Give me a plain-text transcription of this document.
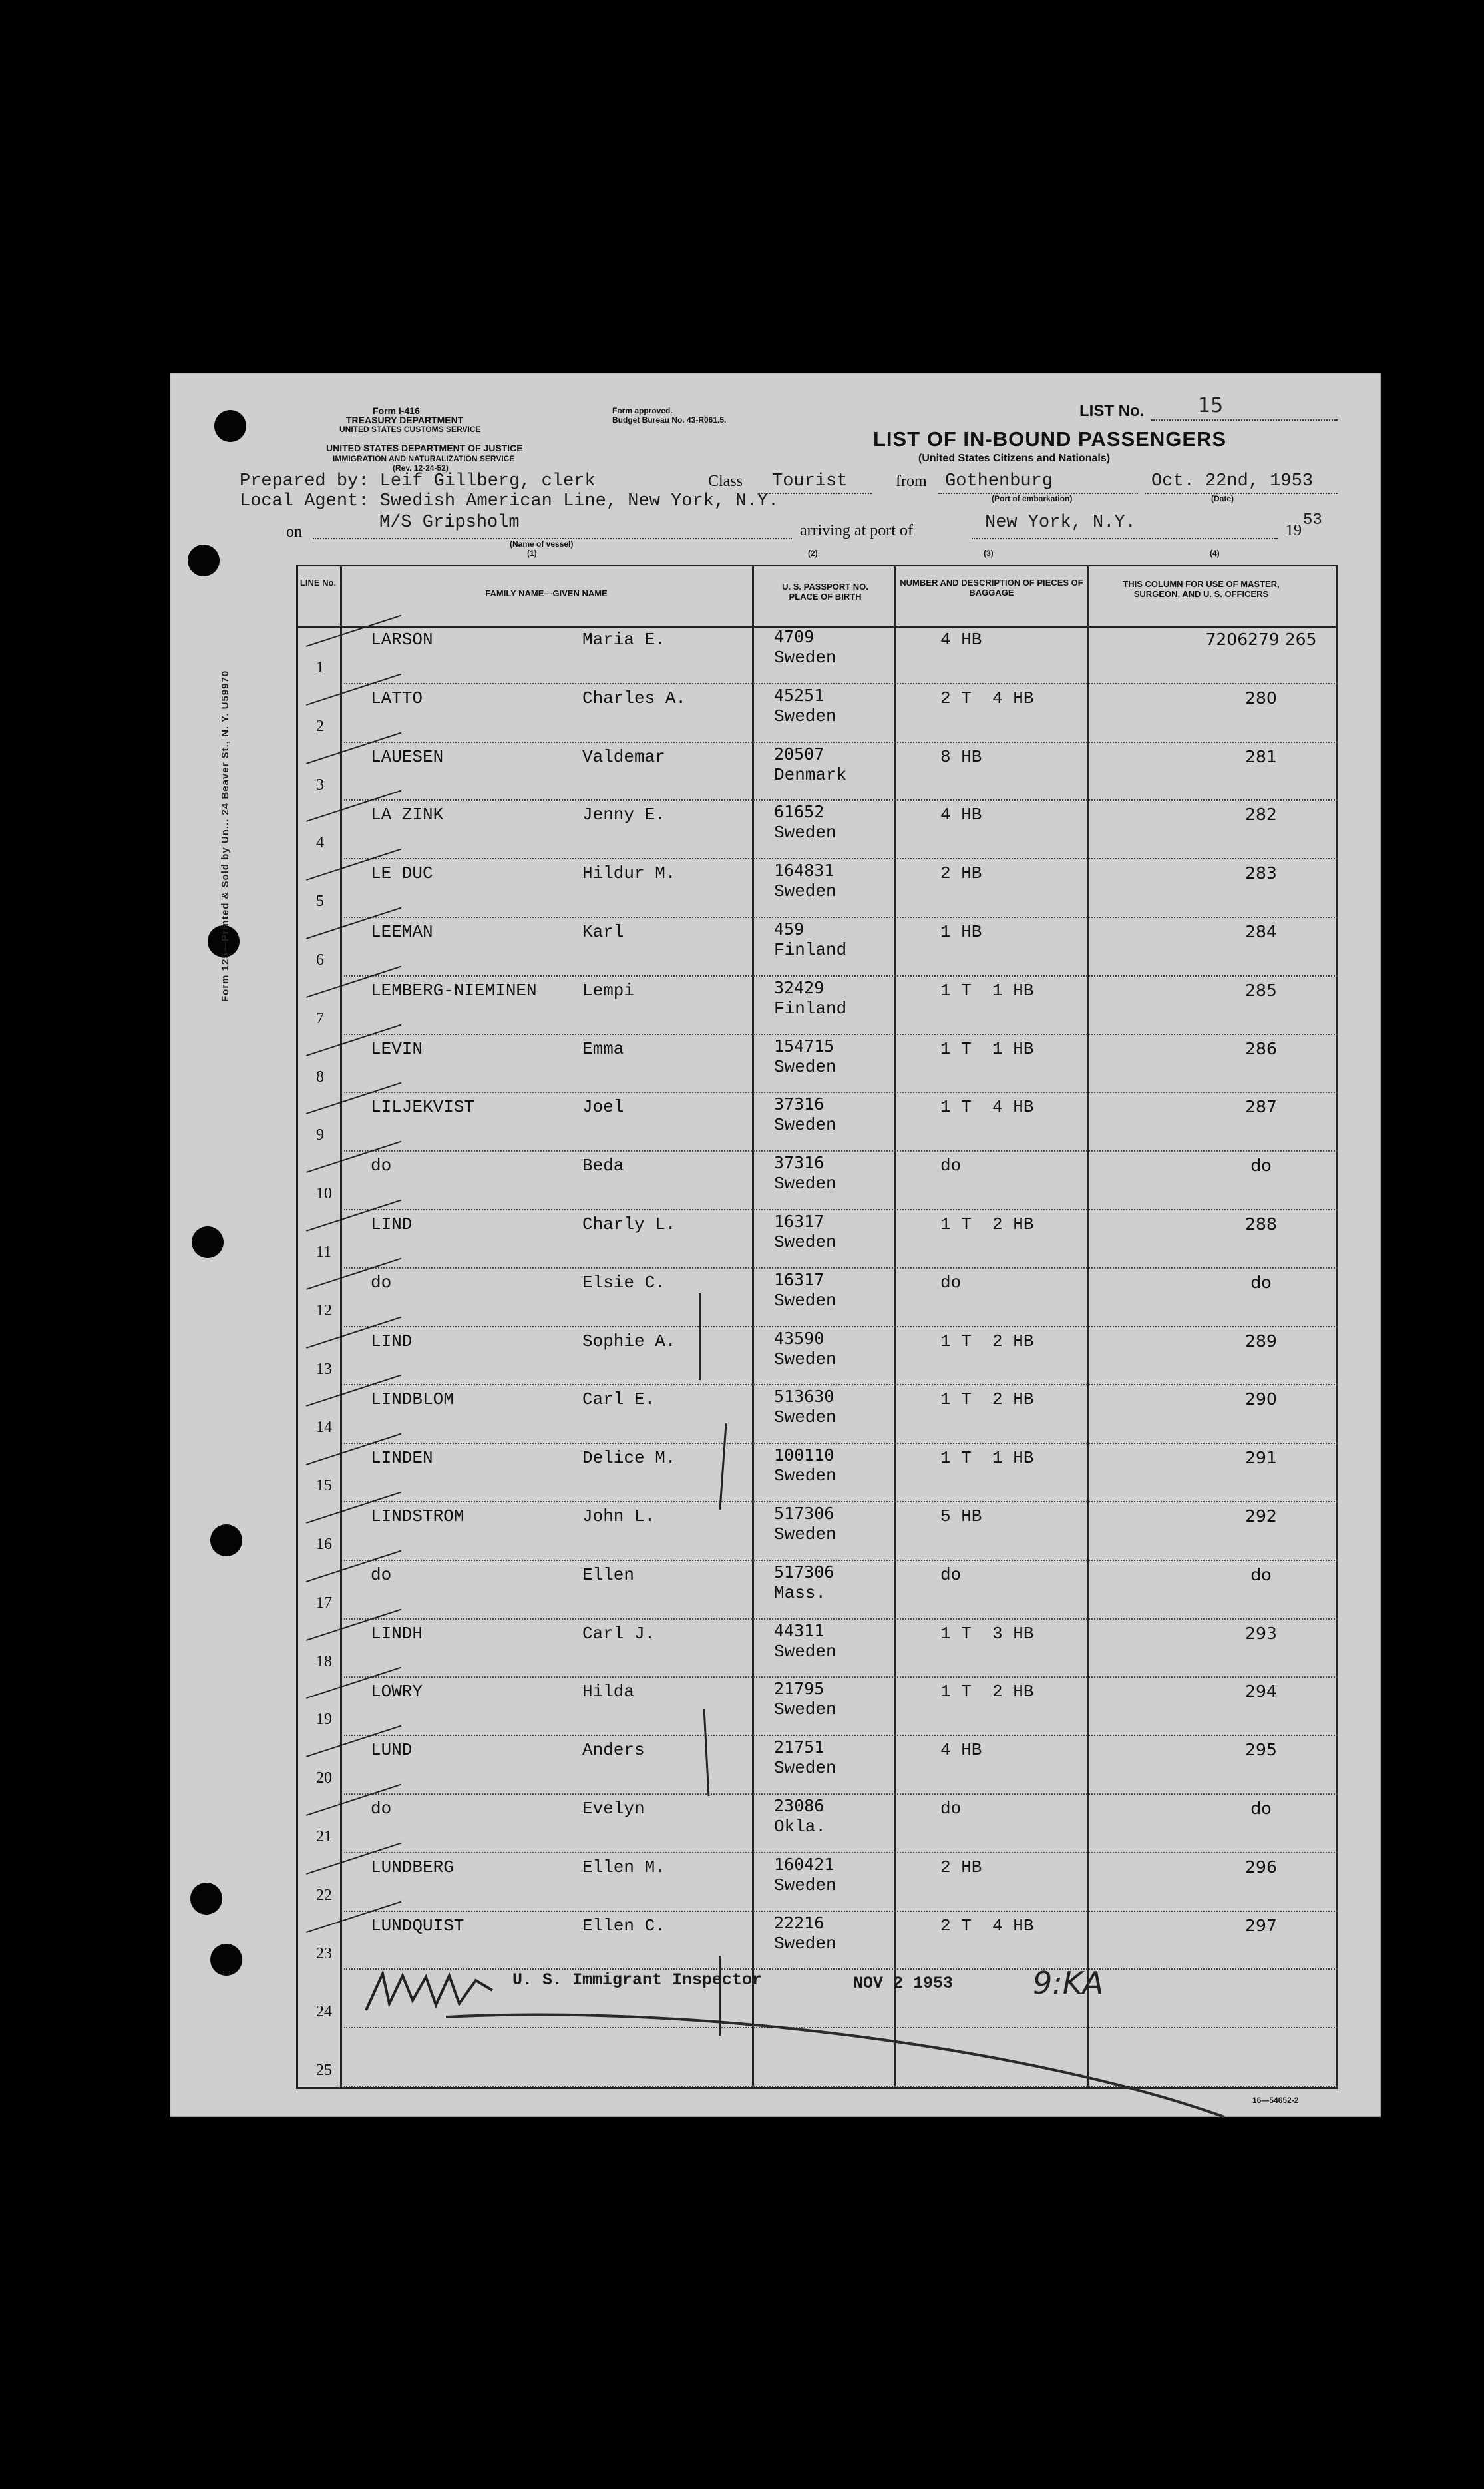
Form 125—Printed & Sold by Un... 24 Beaver St., N. Y. U59970
Form I-416
TREASURY DEPARTMENT
UNITED STATES CUSTOMS SERVICE
UNITED STATES DEPARTMENT OF JUSTICE
IMMIGRATION AND NATURALIZATION SERVICE
(Rev. 12-24-52)
Form approved.
Budget Bureau No. 43-R061.5.	LIST No.	15
LIST OF IN-BOUND PASSENGERS
(United States Citizens and Nationals)
Prepared by: Leif Gillberg, clerk
Local Agent: Swedish American Line, New York, N.Y.
Class Tourist	from Gothenburg	Oct. 22nd, 1953
(Port of embarkation)	(Date)
on	M/S Gripsholm
(Name of vessel)
arriving at port of	New York, N.Y.	19
53
(1)	(2)	(3)	(4)
LINE No.
FAMILY NAME—GIVEN NAME
U. S. PASSPORT NO. PLACE OF BIRTH
NUMBER AND DESCRIPTION OF PIECES OF BAGGAGE
THIS COLUMN FOR USE OF MASTER, SURGEON, AND U. S. OFFICERS
1
LARSON	Maria E.	4709
Sweden
4 HB	7206279 265
2
LATTO	Charles A.	45251
Sweden
2 T  4 HB	280
3
LAUESEN	Valdemar	20507
Denmark
8 HB	281
4
LA ZINK	Jenny E.	61652
Sweden
4 HB	282
5
LE DUC	Hildur M.	164831
Sweden
2 HB	283
6
LEEMAN	Karl	459
Finland
1 HB	284
7
LEMBERG-NIEMINEN	Lempi	32429
Finland
1 T  1 HB	285
8
LEVIN	Emma	154715
Sweden
1 T  1 HB	286
9
LILJEKVIST	Joel	37316
Sweden
1 T  4 HB	287
10
do	Beda	37316
Sweden
do	do
11
LIND	Charly L.	16317
Sweden
1 T  2 HB	288
12
do	Elsie C.	16317
Sweden
do	do
13
LIND	Sophie A.	43590
Sweden
1 T  2 HB	289
14
LINDBLOM	Carl E.	513630
Sweden
1 T  2 HB	290
15
LINDEN	Delice M.	100110
Sweden
1 T  1 HB	291
16
LINDSTROM	John L.	517306
Sweden
5 HB	292
17
do	Ellen	517306
Mass.
do	do
18
LINDH	Carl J.	44311
Sweden
1 T  3 HB	293
19
LOWRY	Hilda	21795
Sweden
1 T  2 HB	294
20
LUND	Anders	21751
Sweden
4 HB	295
21
do	Evelyn	23086
Okla.
do	do
22
LUNDBERG	Ellen M.	160421
Sweden
2 HB	296
23
LUNDQUIST	Ellen C.	22216
Sweden
2 T  4 HB	297
24
25
U. S. Immigrant Inspector	NOV 2 1953	9:KA
16—54652-2
